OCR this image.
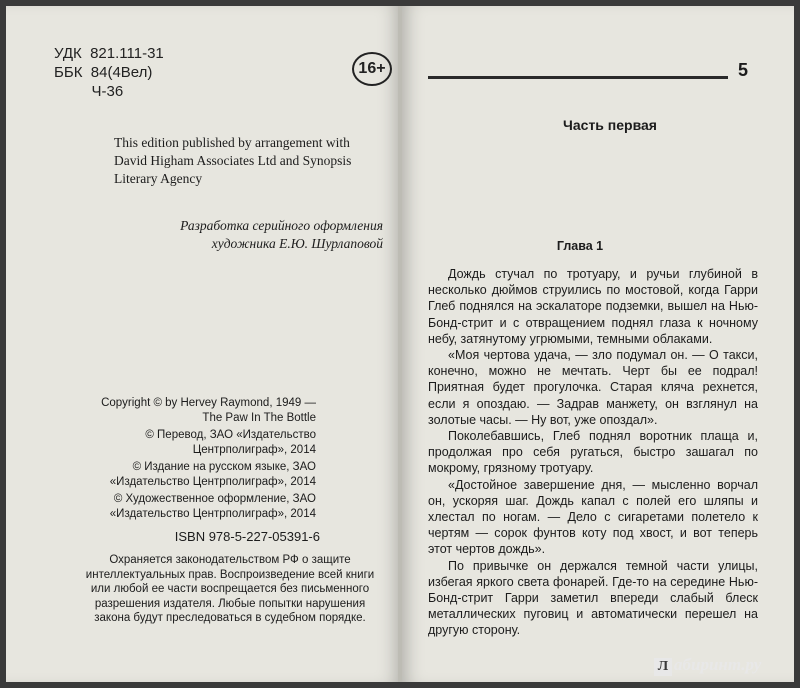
УДК  821.111-31
ББК  84(4Вел)
Ч-36
16+
This edition published by arrangement with David Higham Associates Ltd and Synopsis Literary Agency
Разработка серийного оформления художника Е.Ю. Шурлаповой

Copyright © by Hervey Raymond, 1949 — The Paw In The Bottle

© Перевод, ЗАО «Издательство Центрполиграф», 2014

© Издание на русском языке, ЗАО «Издательство Центрполиграф», 2014

© Художественное оформление, ЗАО «Издательство Центрполиграф», 2014

ISBN 978-5-227-05391-6
Охраняется законодательством РФ о защите интеллектуальных прав. Воспроизведение всей книги или любой ее части воспрещается без письменного разрешения издателя. Любые попытки нарушения закона будут преследоваться в судебном порядке.
5
Часть первая
Глава 1

Дождь стучал по тротуару, и ручьи глубиной в несколько дюймов струились по мостовой, когда Гарри Глеб поднялся на эскалаторе подземки, вышел на Нью-Бонд-стрит и с отвращением поднял глаза к ночному небу, затянутому угрюмыми, темными облаками.

«Моя чертова удача, — зло подумал он. — О такси, конечно, можно не мечтать. Черт бы ее подрал! Приятная будет прогулочка. Старая кляча рехнется, если я опоздаю. — Задрав манжету, он взглянул на золотые часы. — Ну вот, уже опоздал».

Поколебавшись, Глеб поднял воротник плаща и, продолжая про себя ругаться, быстро зашагал по мокрому, грязному тротуару.

«Достойное завершение дня, — мысленно ворчал он, ускоряя шаг. Дождь капал с полей его шляпы и хлестал по ногам. — Дело с сигаретами полетело к чертям — сорок фунтов коту под хвост, и вот теперь этот чертов дождь».

По привычке он держался темной части улицы, избегая яркого света фонарей. Где-то на середине Нью-Бонд-стрит Гарри заметил впереди слабый блеск металлических пуговиц и автоматически перешел на другую сторону.

Л абиринт.ру
